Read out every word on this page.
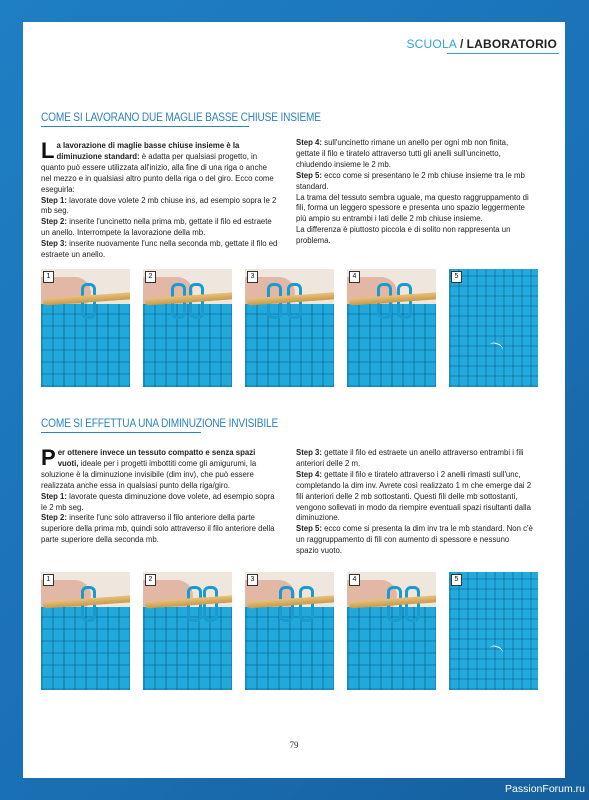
SCUOLA / LABORATORIO
COME SI LAVORANO DUE MAGLIE BASSE CHIUSE INSIEME

La lavorazione di maglie basse chiuse insieme è la diminuzione standard: è adatta per qualsiasi progetto, in quanto può essere utilizzata all'inizio, alla fine di una riga o anche nel mezzo e in qualsiasi altro punto della riga o del giro. Ecco come eseguirla:

Step 1: lavorate dove volete 2 mb chiuse ins, ad esempio sopra le 2 mb seg.

Step 2: inserite l'uncinetto nella prima mb, gettate il filo ed estraete un anello. Interrompete la lavorazione della mb.

Step 3: inserite nuovamente l'unc nella seconda mb, gettate il filo ed estraete un anello.

Step 4: sull'uncinetto rimane un anello per ogni mb non finita, gettate il filo e tiratelo attraverso tutti gli anelli sull'uncinetto, chiudendo insieme le 2 mb.

Step 5: ecco come si presentano le 2 mb chiuse insieme tra le mb standard.

La trama del tessuto sembra uguale, ma questo raggruppamento di fili, forma un leggero spessore e presenta uno spazio leggermente più ampio su entrambi i lati delle 2 mb chiuse insieme.

La differenza è piuttosto piccola e di solito non rappresenta un problema.

1	2	3	4	5
COME SI EFFETTUA UNA DIMINUZIONE INVISIBILE

Per ottenere invece un tessuto compatto e senza spazi vuoti, ideale per i progetti imbottiti come gli amigurumi, la soluzione è la diminuzione invisibile (dim inv), che può essere realizzata anche essa in qualsiasi punto della riga/giro.

Step 1: lavorate questa diminuzione dove volete, ad esempio sopra le 2 mb seg.

Step 2: inserite l'unc solo attraverso il filo anteriore della parte superiore della prima mb, quindi solo attraverso il filo anteriore della parte superiore della seconda mb.

Step 3: gettate il filo ed estraete un anello attraverso entrambi i fili anteriori delle 2 m.

Step 4: gettate il filo e tiratelo attraverso i 2 anelli rimasti sull'unc, completando la dim inv. Avrete così realizzato 1 m che emerge dai 2 fili anteriori delle 2 mb sottostanti. Questi fili delle mb sottostanti, vengono sollevati in modo da riempire eventuali spazi risultanti dalla diminuzione.

Step 5: ecco come si presenta la dim inv tra le mb standard. Non c'è un raggruppamento di fili con aumento di spessore e nessuno spazio vuoto.

1	2	3	4	5
79
PassionForum.ru
